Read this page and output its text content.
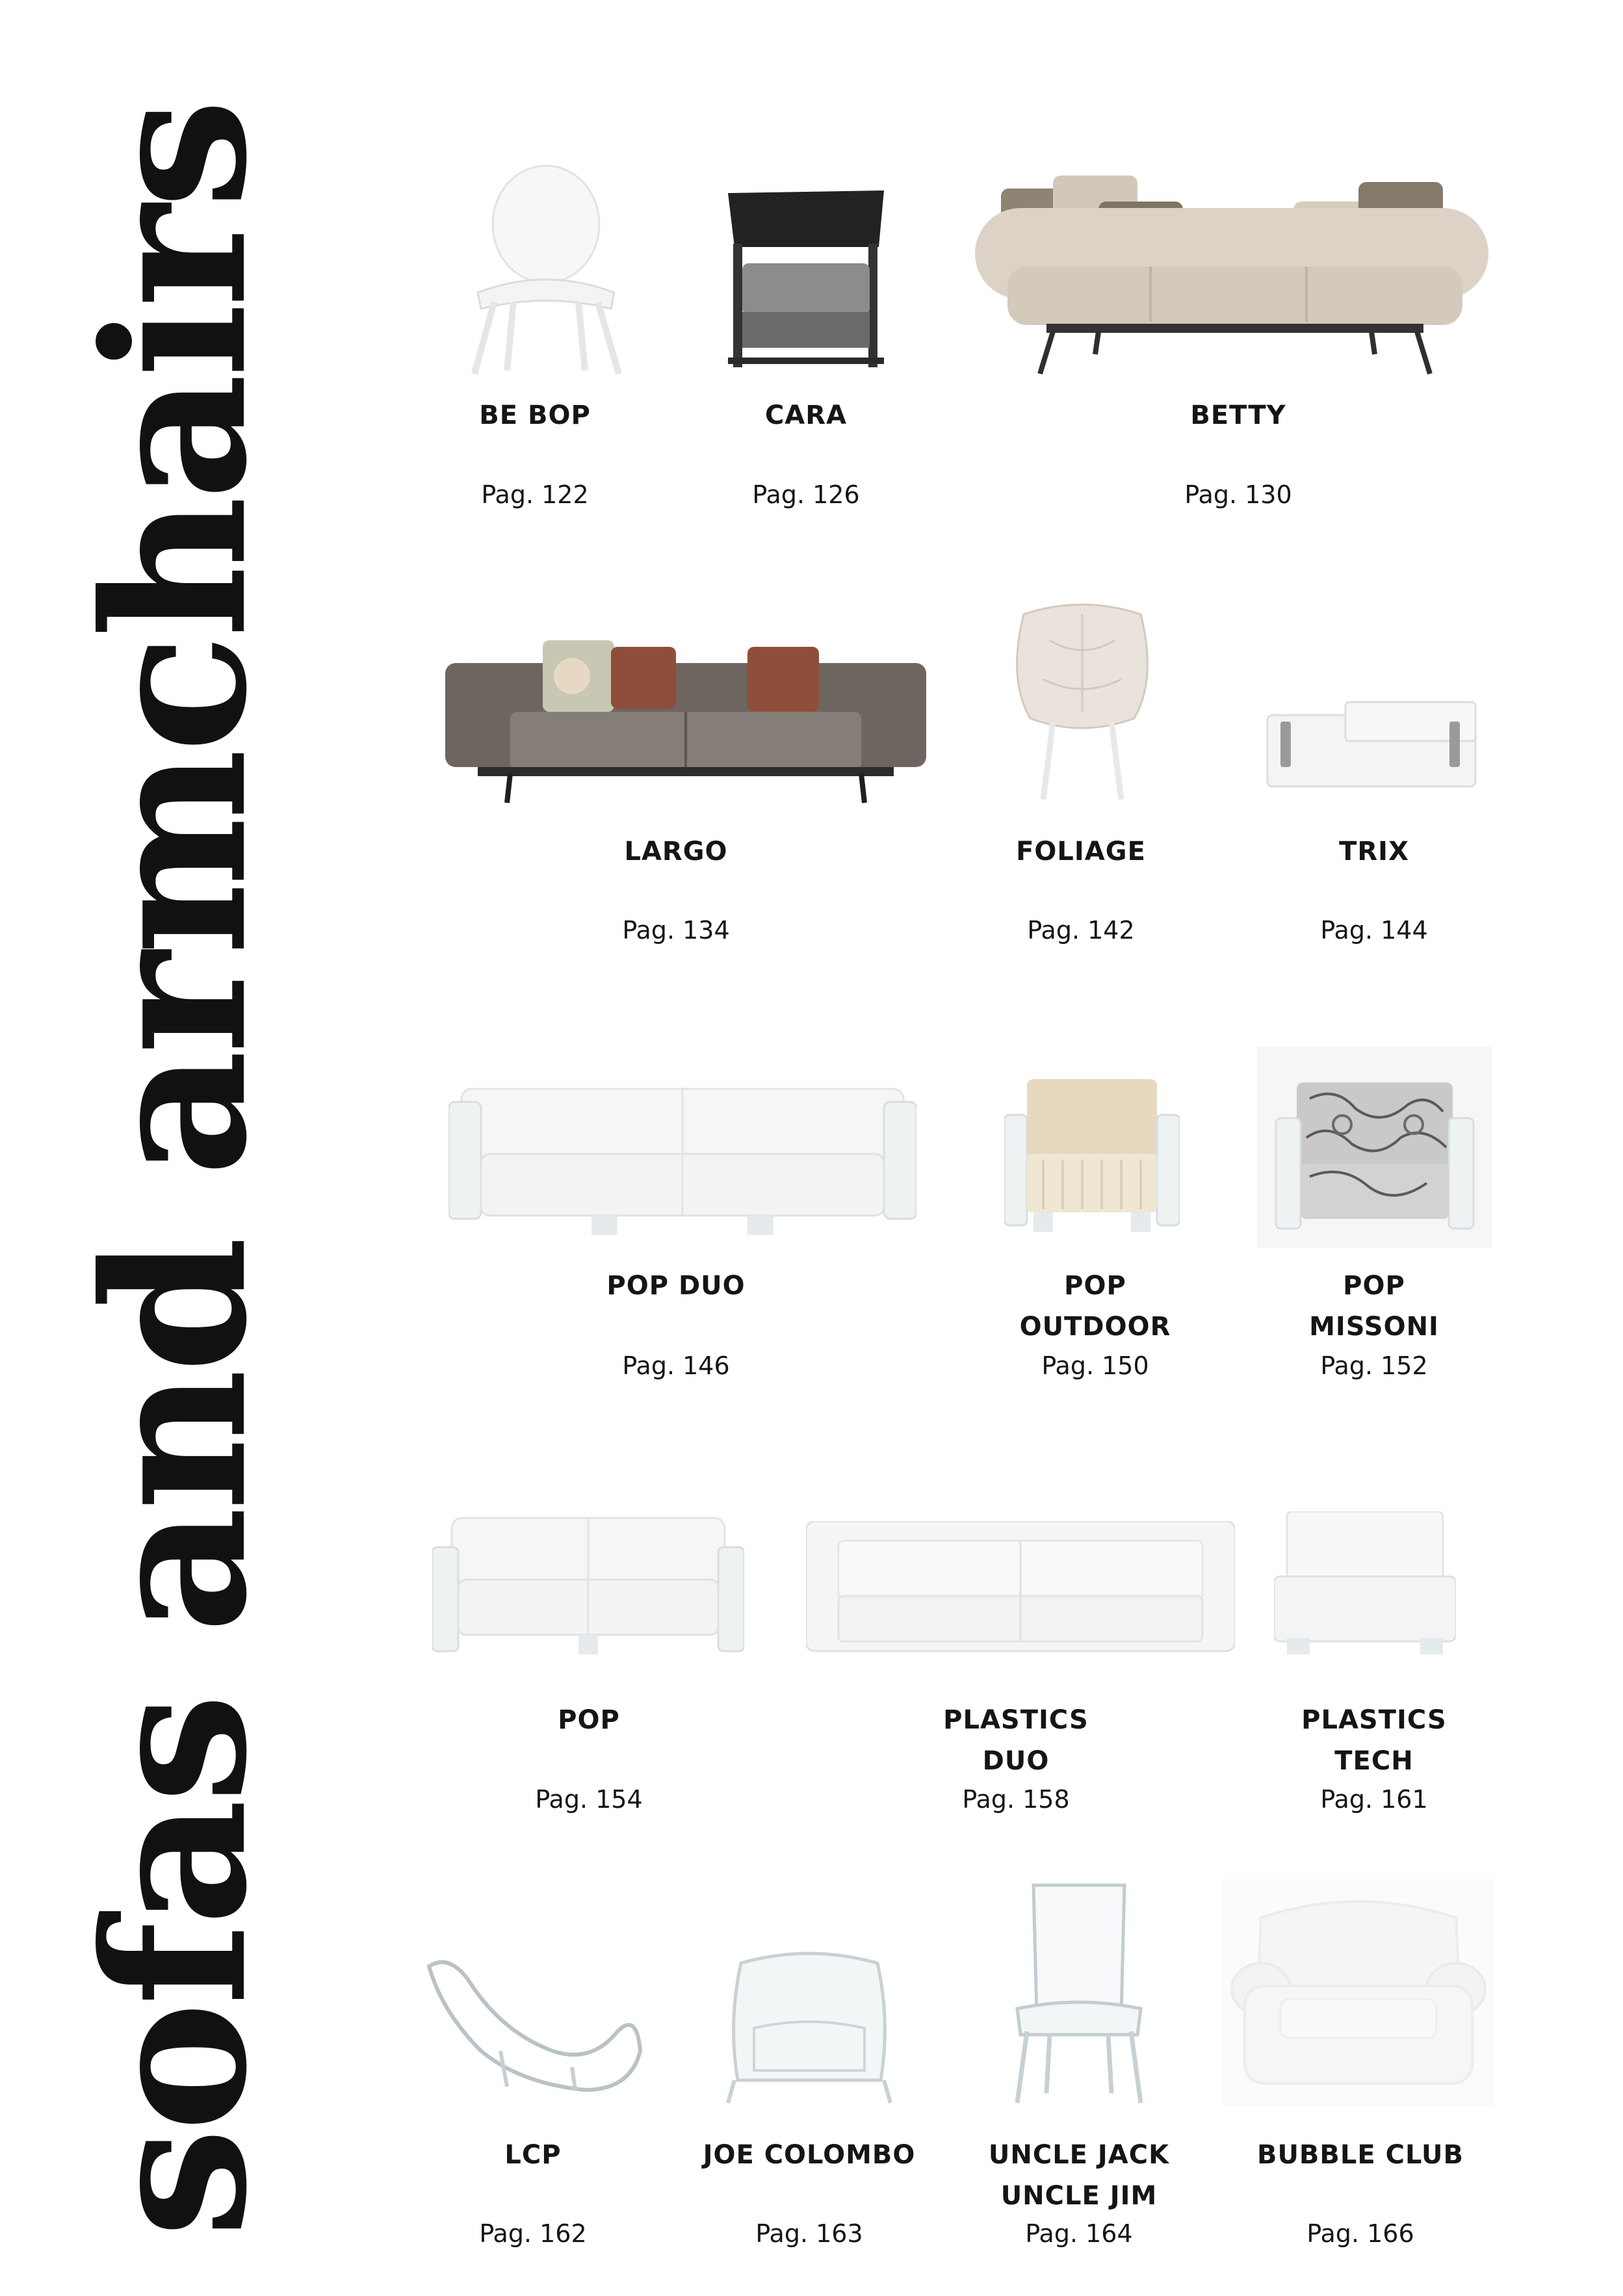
sofas and armchairs	BE BOP
Pag. 122
CARA
Pag. 126
BETTY
Pag. 130
LARGO
Pag. 134
FOLIAGE
Pag. 142
TRIX
Pag. 144
POP DUO
Pag. 146
POP
OUTDOOR
Pag. 150
POP
MISSONI
Pag. 152
POP
Pag. 154
PLASTICS
DUO
Pag. 158
PLASTICS
TECH
Pag. 161
LCP
Pag. 162
JOE COLOMBO
Pag. 163
UNCLE JACK
UNCLE JIM
Pag. 164
BUBBLE CLUB
Pag. 166
